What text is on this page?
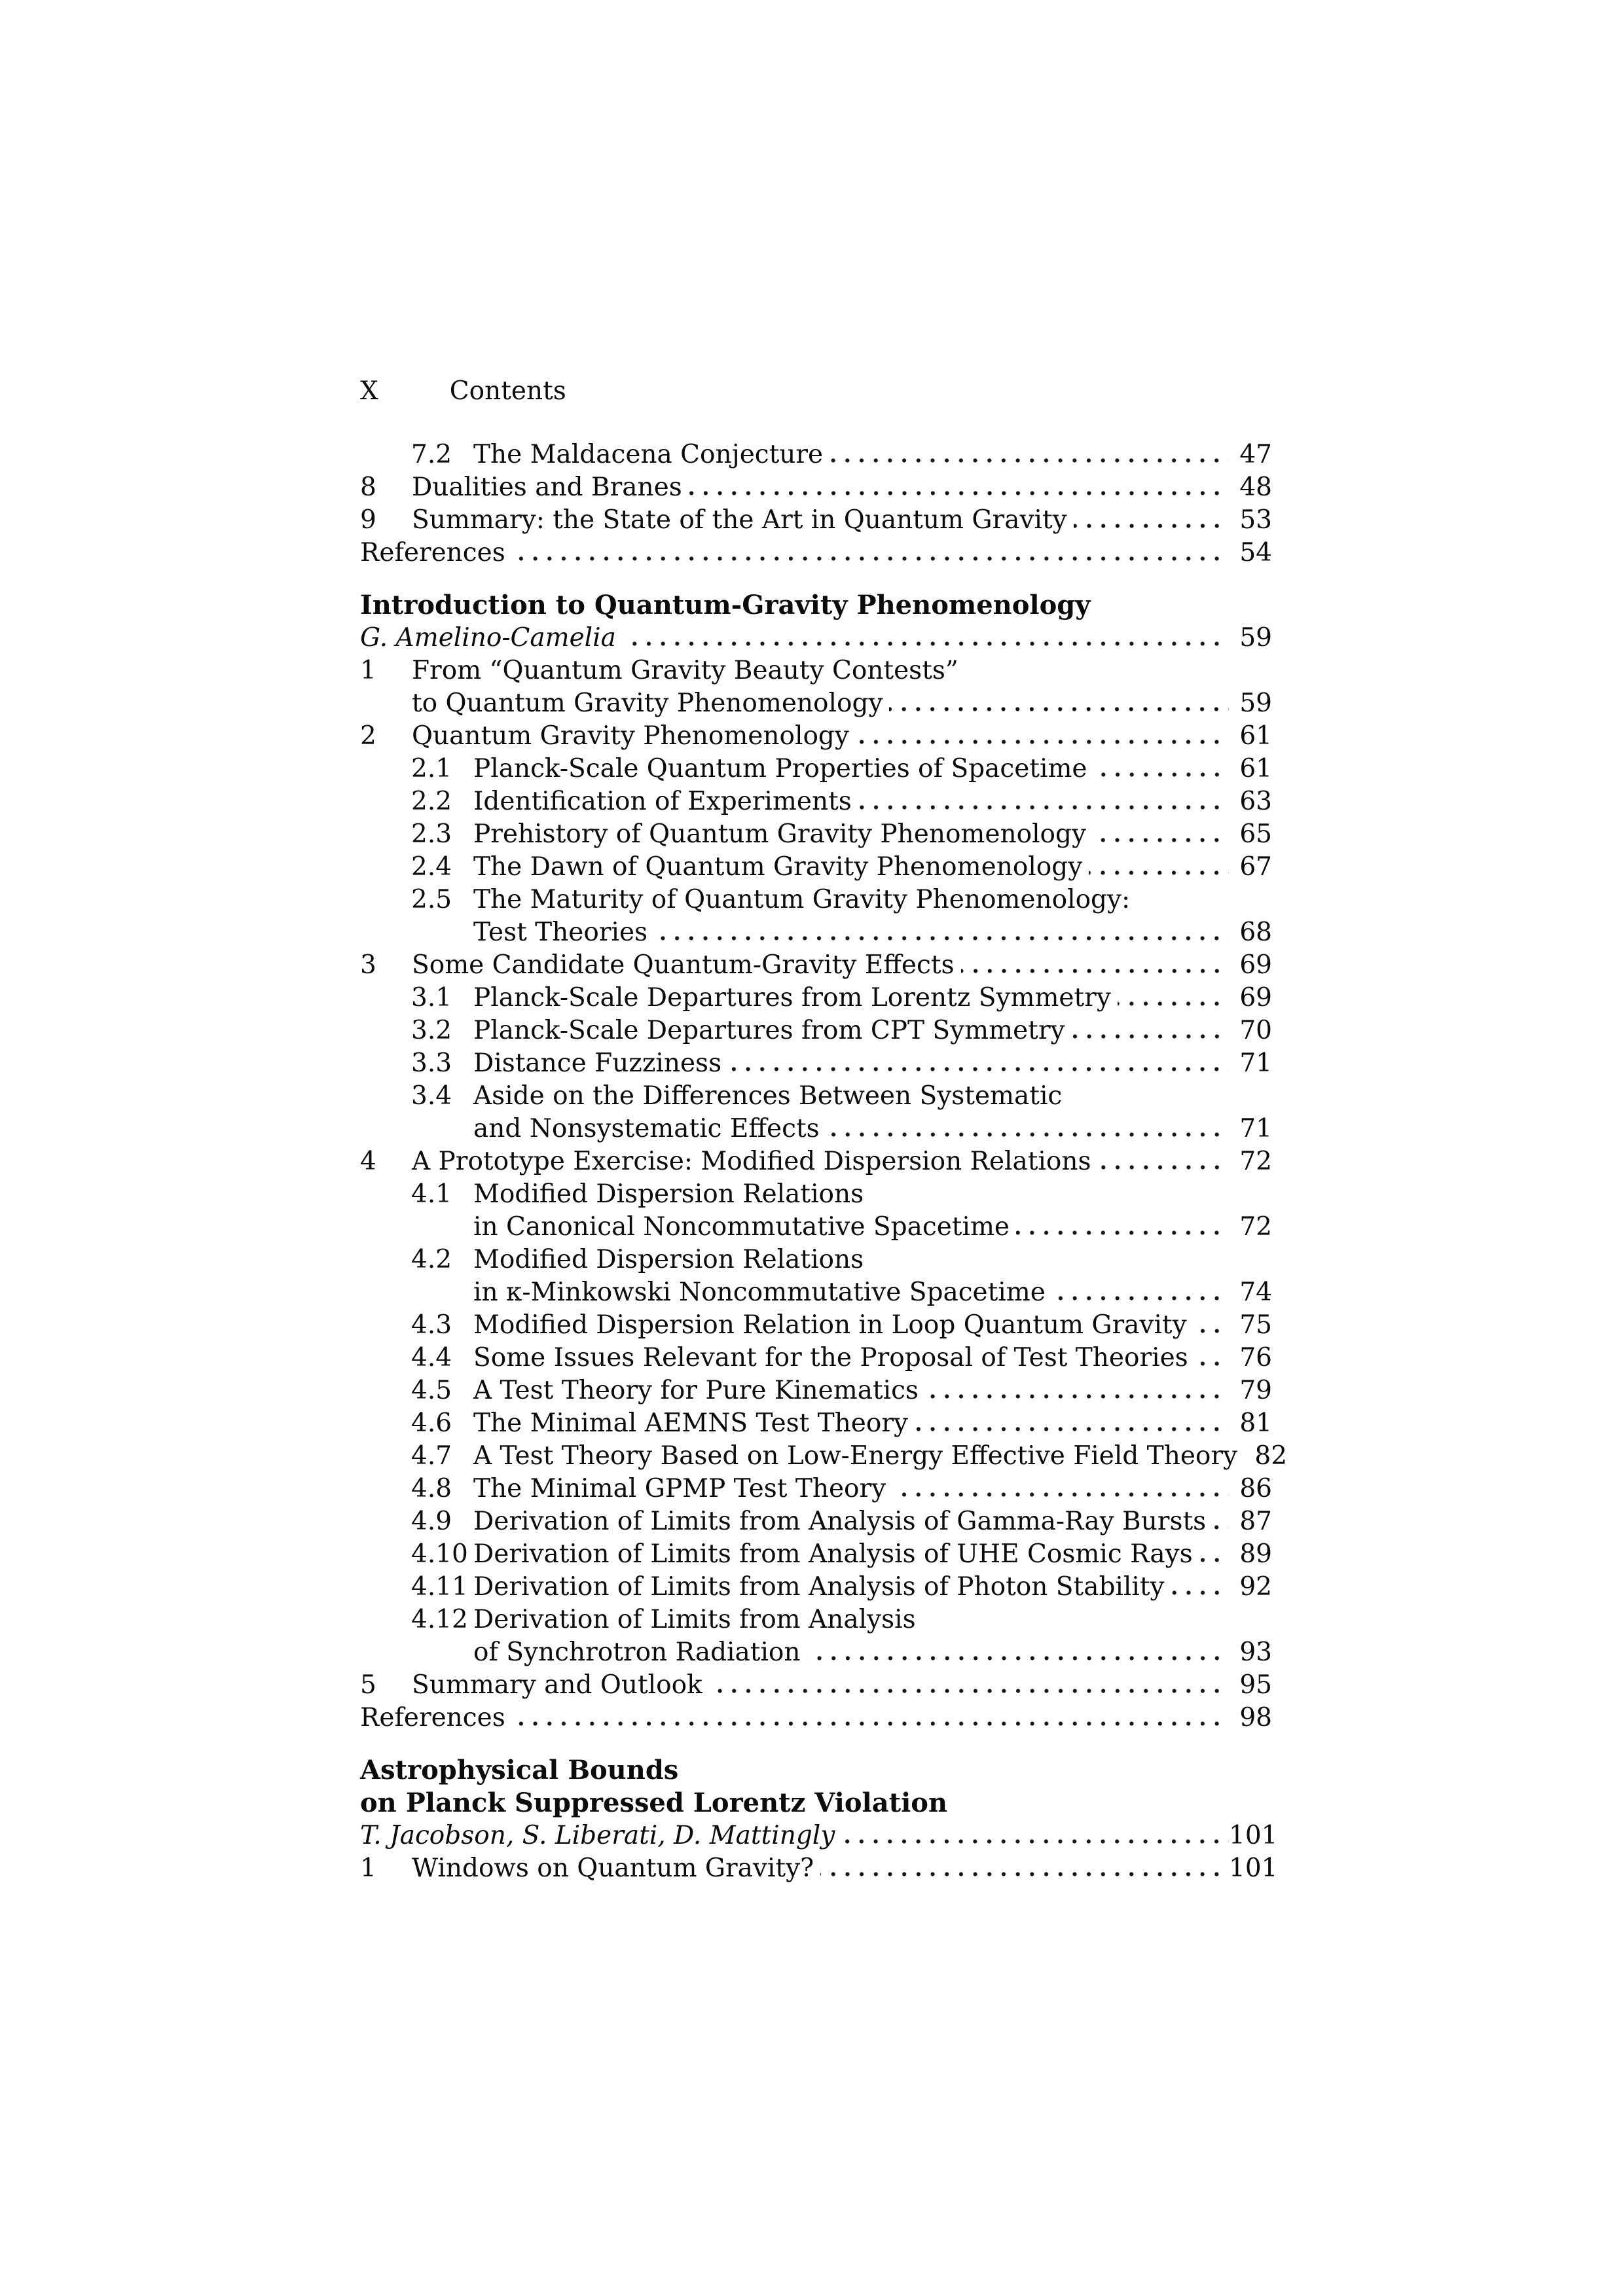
X	Contents
7.2 The Maldacena Conjecture	47
8	Dualities and Branes	48
9	Summary: the State of the Art in Quantum Gravity	53
References	54
Introduction to Quantum-Gravity Phenomenology
G. Amelino-Camelia	59
1	From “Quantum Gravity Beauty Contests”
to Quantum Gravity Phenomenology	59
2	Quantum Gravity Phenomenology	61
2.1 Planck-Scale Quantum Properties of Spacetime	61
2.2 Identification of Experiments	63
2.3 Prehistory of Quantum Gravity Phenomenology	65
2.4 The Dawn of Quantum Gravity Phenomenology	67
2.5 The Maturity of Quantum Gravity Phenomenology:
Test Theories	68
3	Some Candidate Quantum-Gravity Effects	69
3.1 Planck-Scale Departures from Lorentz Symmetry	69
3.2 Planck-Scale Departures from CPT Symmetry	70
3.3 Distance Fuzziness	71
3.4 Aside on the Differences Between Systematic
and Nonsystematic Effects	71
4	A Prototype Exercise: Modified Dispersion Relations	72
4.1 Modified Dispersion Relations
in Canonical Noncommutative Spacetime	72
4.2 Modified Dispersion Relations
in κ-Minkowski Noncommutative Spacetime	74
4.3 Modified Dispersion Relation in Loop Quantum Gravity	75
4.4 Some Issues Relevant for the Proposal of Test Theories	76
4.5 A Test Theory for Pure Kinematics	79
4.6 The Minimal AEMNS Test Theory	81
4.7 A Test Theory Based on Low-Energy Effective Field Theory 82
4.8 The Minimal GPMP Test Theory	86
4.9 Derivation of Limits from Analysis of Gamma-Ray Bursts	87
4.10 Derivation of Limits from Analysis of UHE Cosmic Rays	89
4.11 Derivation of Limits from Analysis of Photon Stability	92
4.12 Derivation of Limits from Analysis
of Synchrotron Radiation	93
5	Summary and Outlook	95
References	98
Astrophysical Bounds
on Planck Suppressed Lorentz Violation
T. Jacobson, S. Liberati, D. Mattingly	101
1	Windows on Quantum Gravity?	101
